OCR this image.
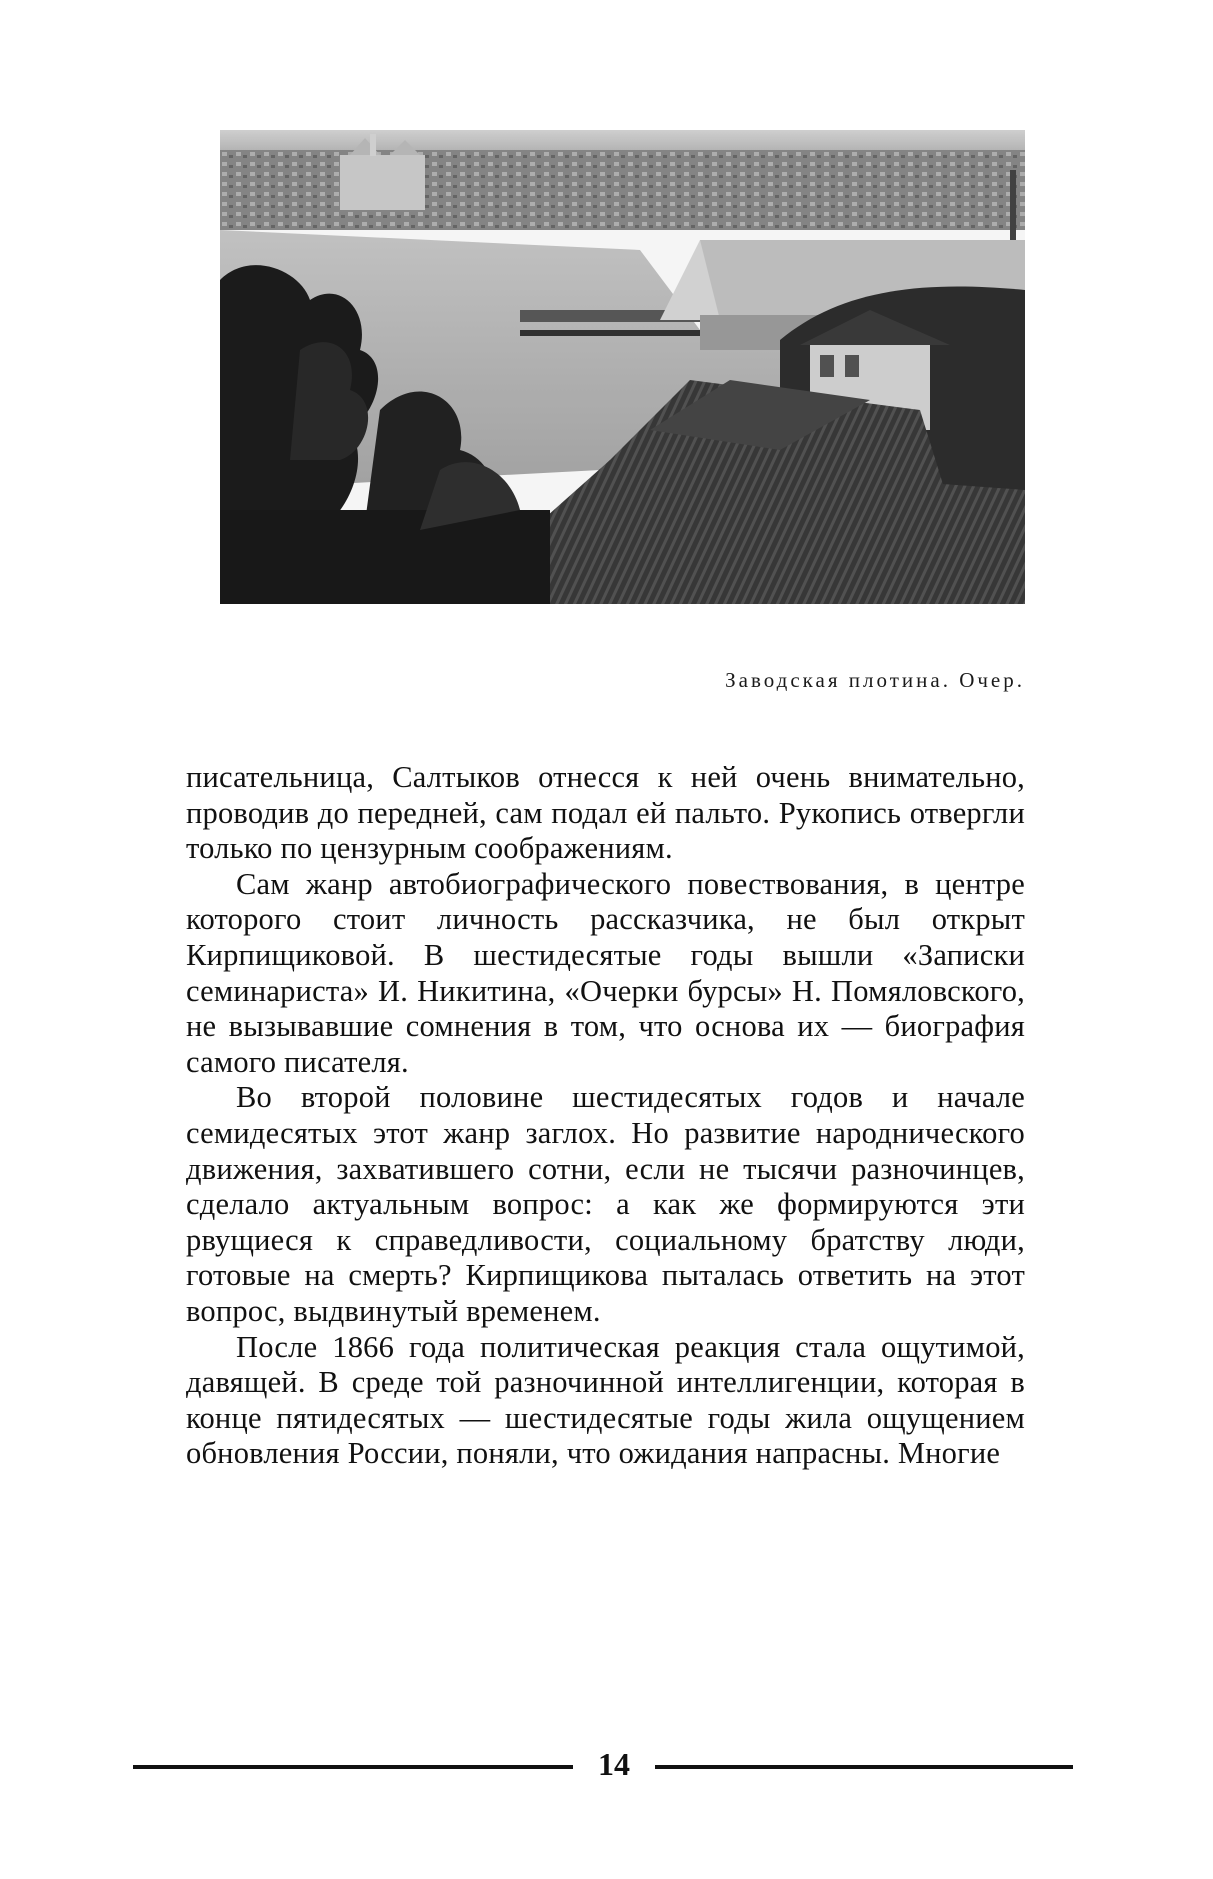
Заводская плотина. Очер.

писательница, Салтыков отнесся к ней очень внимательно, проводив до передней, сам подал ей пальто. Рукопись отвергли только по цензурным соображениям.

Сам жанр автобиографического повествования, в центре которого стоит личность рассказчика, не был открыт Кирпищиковой. В шестидесятые годы вышли «Записки семинариста» И. Никитина, «Очерки бурсы» Н. Помяловского, не вызывавшие сомнения в том, что основа их — биография самого писателя.

Во второй половине шестидесятых годов и начале семидесятых этот жанр заглох. Но развитие народнического движения, захватившего сотни, если не тысячи разночинцев, сделало актуальным вопрос: а как же формируются эти рвущиеся к справедливости, социальному братству люди, готовые на смерть? Кирпищикова пыталась ответить на этот вопрос, выдвинутый временем.

После 1866 года политическая реакция стала ощутимой, давящей. В среде той разночинной интеллигенции, которая в конце пятидесятых — шестидесятые годы жила ощущением обновления России, поняли, что ожидания напрасны. Многие

14
